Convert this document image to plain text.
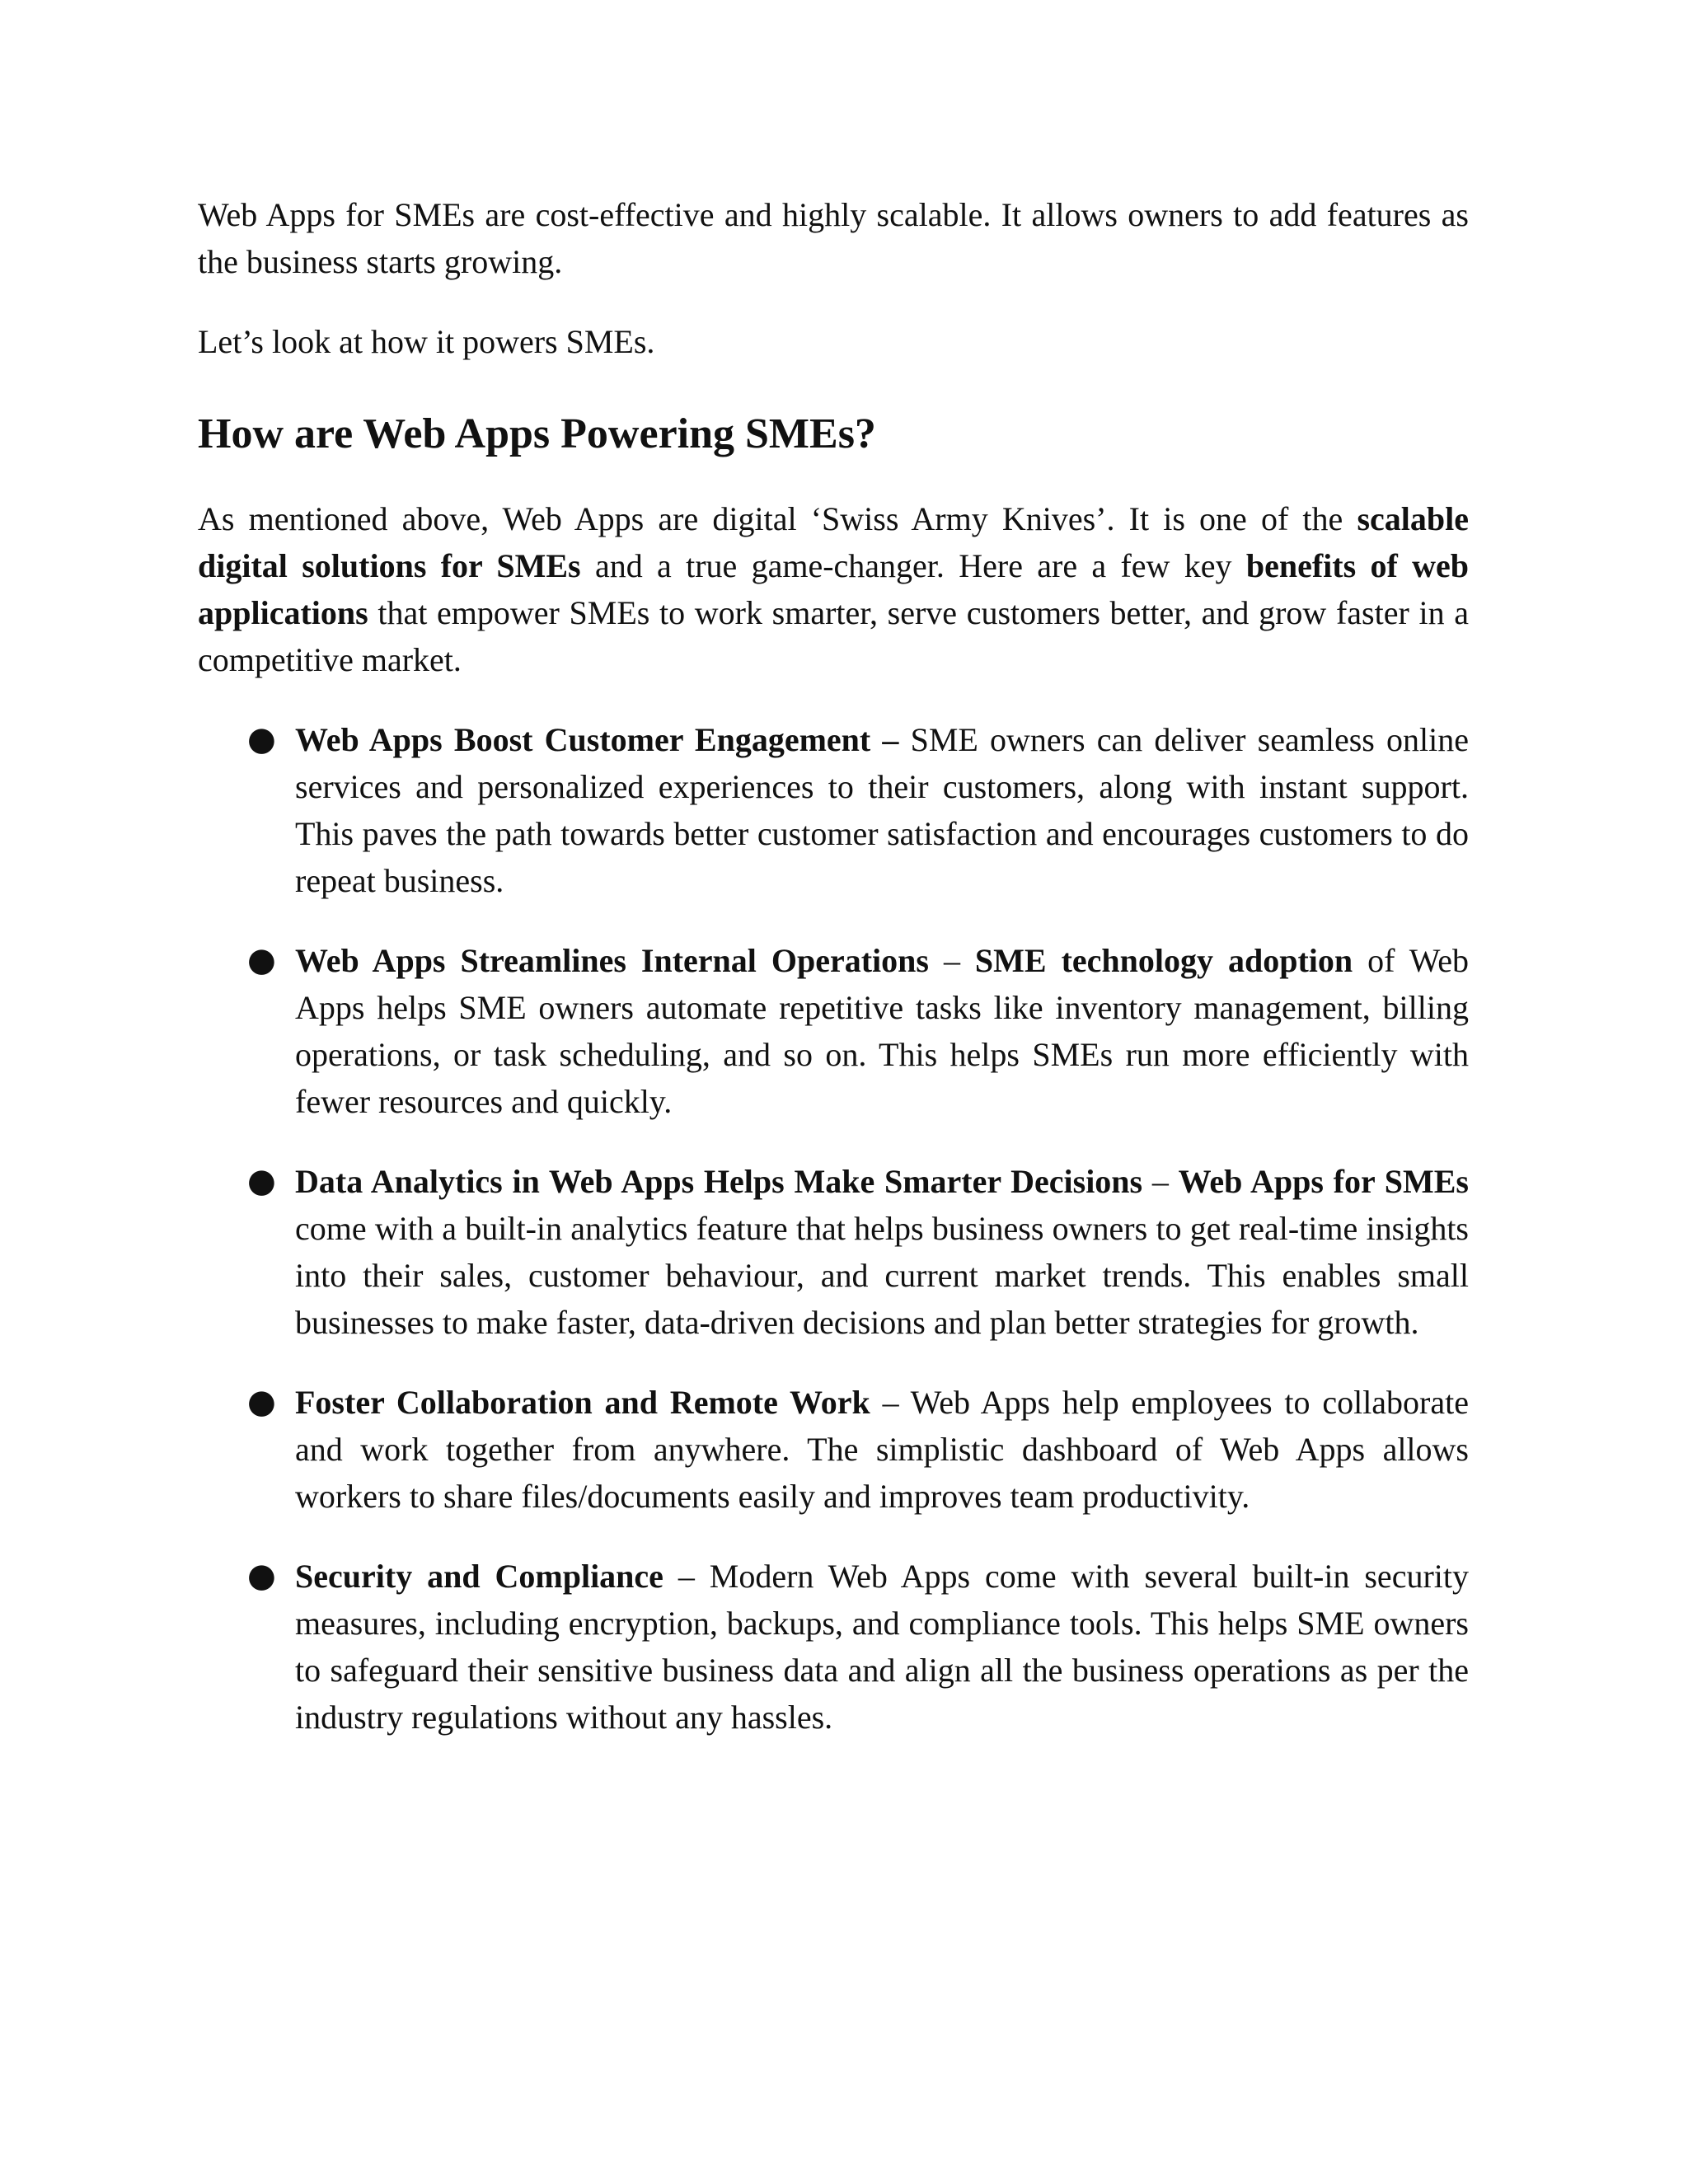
Web Apps for SMEs are cost-effective and highly scalable. It allows owners to add features as the business starts growing.

Let’s look at how it powers SMEs.

How are Web Apps Powering SMEs?

As mentioned above, Web Apps are digital ‘Swiss Army Knives’. It is one of the scalable digital solutions for SMEs and a true game-changer. Here are a few key benefits of web applications that empower SMEs to work smarter, serve customers better, and grow faster in a competitive market.

● Web Apps Boost Customer Engagement – SME owners can deliver seamless online services and personalized experiences to their customers, along with instant support. This paves the path towards better customer satisfaction and encourages customers to do repeat business.

● Web Apps Streamlines Internal Operations – SME technology adoption of Web Apps helps SME owners automate repetitive tasks like inventory management, billing operations, or task scheduling, and so on. This helps SMEs run more efficiently with fewer resources and quickly.

● Data Analytics in Web Apps Helps Make Smarter Decisions – Web Apps for SMEs come with a built-in analytics feature that helps business owners to get real-time insights into their sales, customer behaviour, and current market trends. This enables small businesses to make faster, data-driven decisions and plan better strategies for growth.

● Foster Collaboration and Remote Work – Web Apps help employees to collaborate and work together from anywhere. The simplistic dashboard of Web Apps allows workers to share files/documents easily and improves team productivity.

● Security and Compliance – Modern Web Apps come with several built-in security measures, including encryption, backups, and compliance tools. This helps SME owners to safeguard their sensitive business data and align all the business operations as per the industry regulations without any hassles.
